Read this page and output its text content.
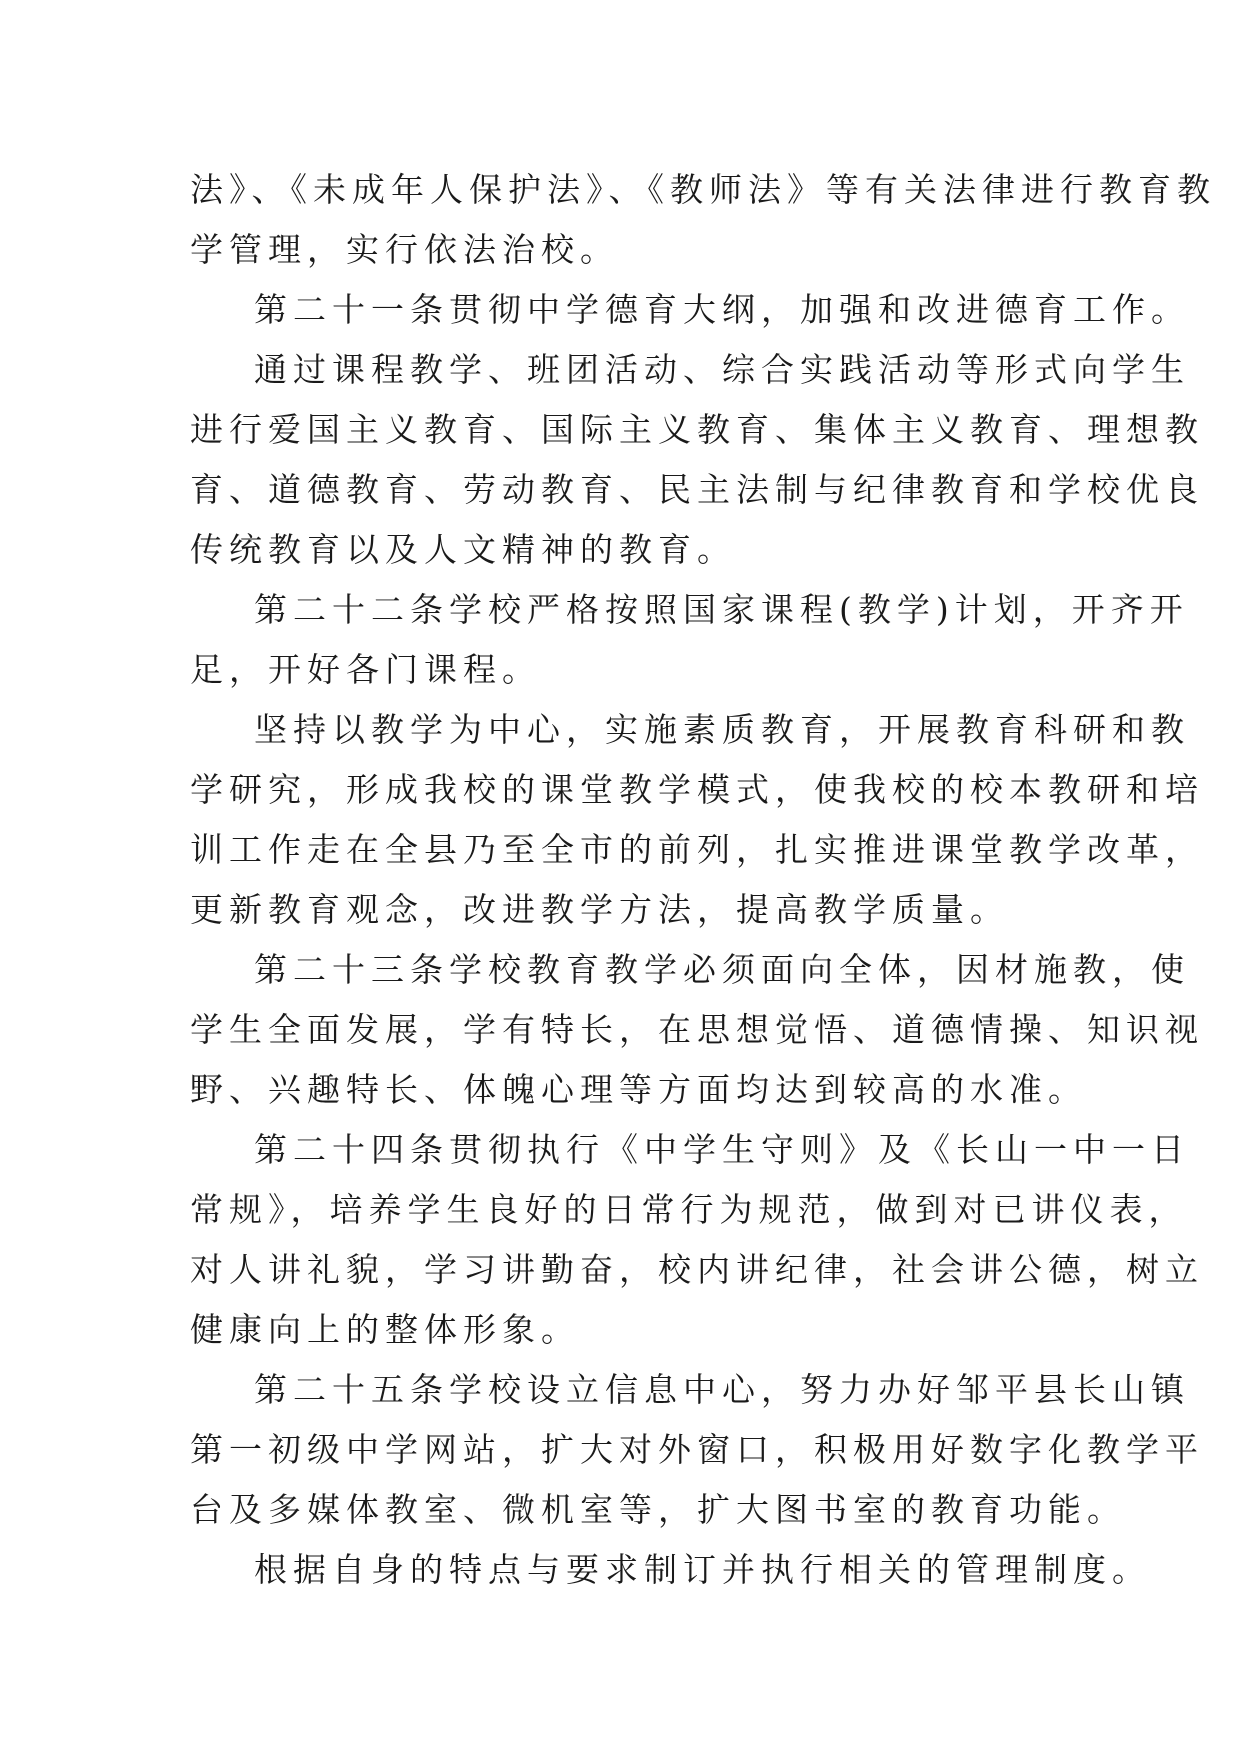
法》、《未成年人保护法》、《教师法》等有关法律进行教育教
学管理，实行依法治校。
第二十一条贯彻中学德育大纲，加强和改进德育工作。
通过课程教学、班团活动、综合实践活动等形式向学生
进行爱国主义教育、国际主义教育、集体主义教育、理想教
育、道德教育、劳动教育、民主法制与纪律教育和学校优良
传统教育以及人文精神的教育。
第二十二条学校严格按照国家课程(教学)计划，开齐开
足，开好各门课程。
坚持以教学为中心，实施素质教育，开展教育科研和教
学研究，形成我校的课堂教学模式，使我校的校本教研和培
训工作走在全县乃至全市的前列，扎实推进课堂教学改革，
更新教育观念，改进教学方法，提高教学质量。
第二十三条学校教育教学必须面向全体，因材施教，使
学生全面发展，学有特长，在思想觉悟、道德情操、知识视
野、兴趣特长、体魄心理等方面均达到较高的水准。
第二十四条贯彻执行《中学生守则》及《长山一中一日
常规》，培养学生良好的日常行为规范，做到对已讲仪表，
对人讲礼貌，学习讲勤奋，校内讲纪律，社会讲公德，树立
健康向上的整体形象。
第二十五条学校设立信息中心，努力办好邹平县长山镇
第一初级中学网站，扩大对外窗口，积极用好数字化教学平
台及多媒体教室、微机室等，扩大图书室的教育功能。
根据自身的特点与要求制订并执行相关的管理制度。
